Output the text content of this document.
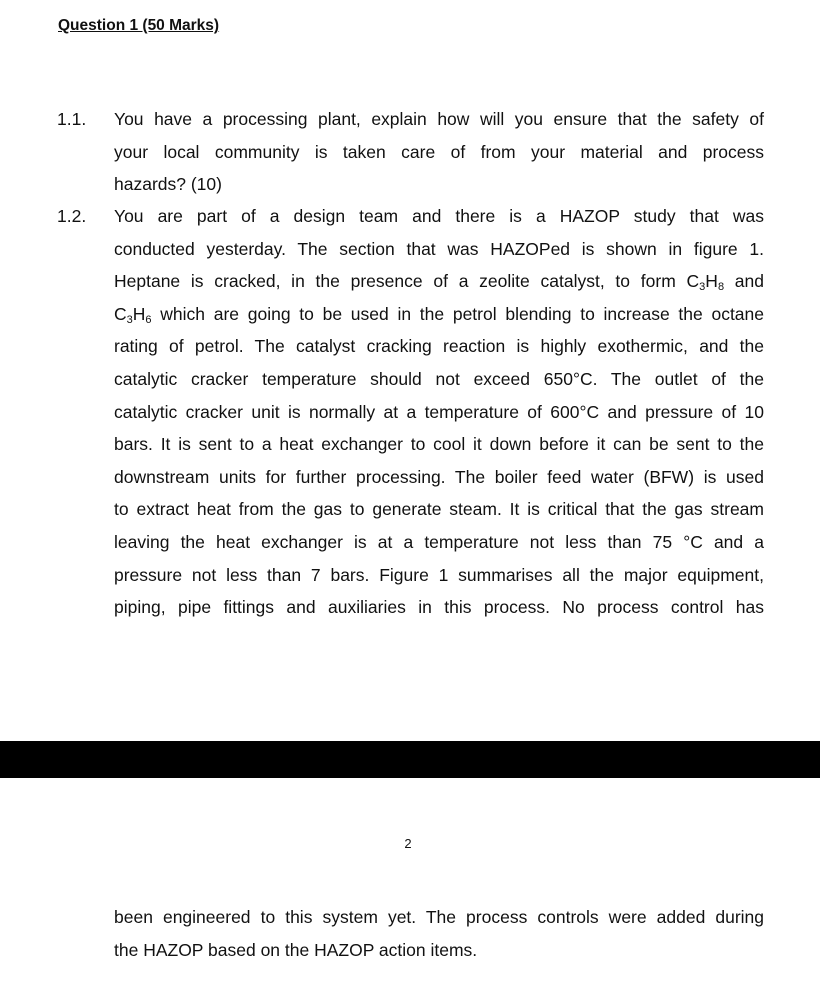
Question 1 (50 Marks)
1.1. You have a processing plant, explain how will you ensure that the safety of
your local community is taken care of from your material and process
hazards? (10)
1.2. You are part of a design team and there is a HAZOP study that was
conducted yesterday. The section that was HAZOPed is shown in figure 1.
Heptane is cracked, in the presence of a zeolite catalyst, to form $C_3H_8$ and
$C_3H_6$ which are going to be used in the petrol blending to increase the octane
rating of petrol. The catalyst cracking reaction is highly exothermic, and the
catalytic cracker temperature should not exceed 650°C. The outlet of the
catalytic cracker unit is normally at a temperature of 600°C and pressure of 10
bars. It is sent to a heat exchanger to cool it down before it can be sent to the
downstream units for further processing. The boiler feed water (BFW) is used
to extract heat from the gas to generate steam. It is critical that the gas stream
leaving the heat exchanger is at a temperature not less than 75 °C and a
pressure not less than 7 bars. Figure 1 summarises all the major equipment,
piping, pipe fittings and auxiliaries in this process. No process control has
2
been engineered to this system yet. The process controls were added during
the HAZOP based on the HAZOP action items.
